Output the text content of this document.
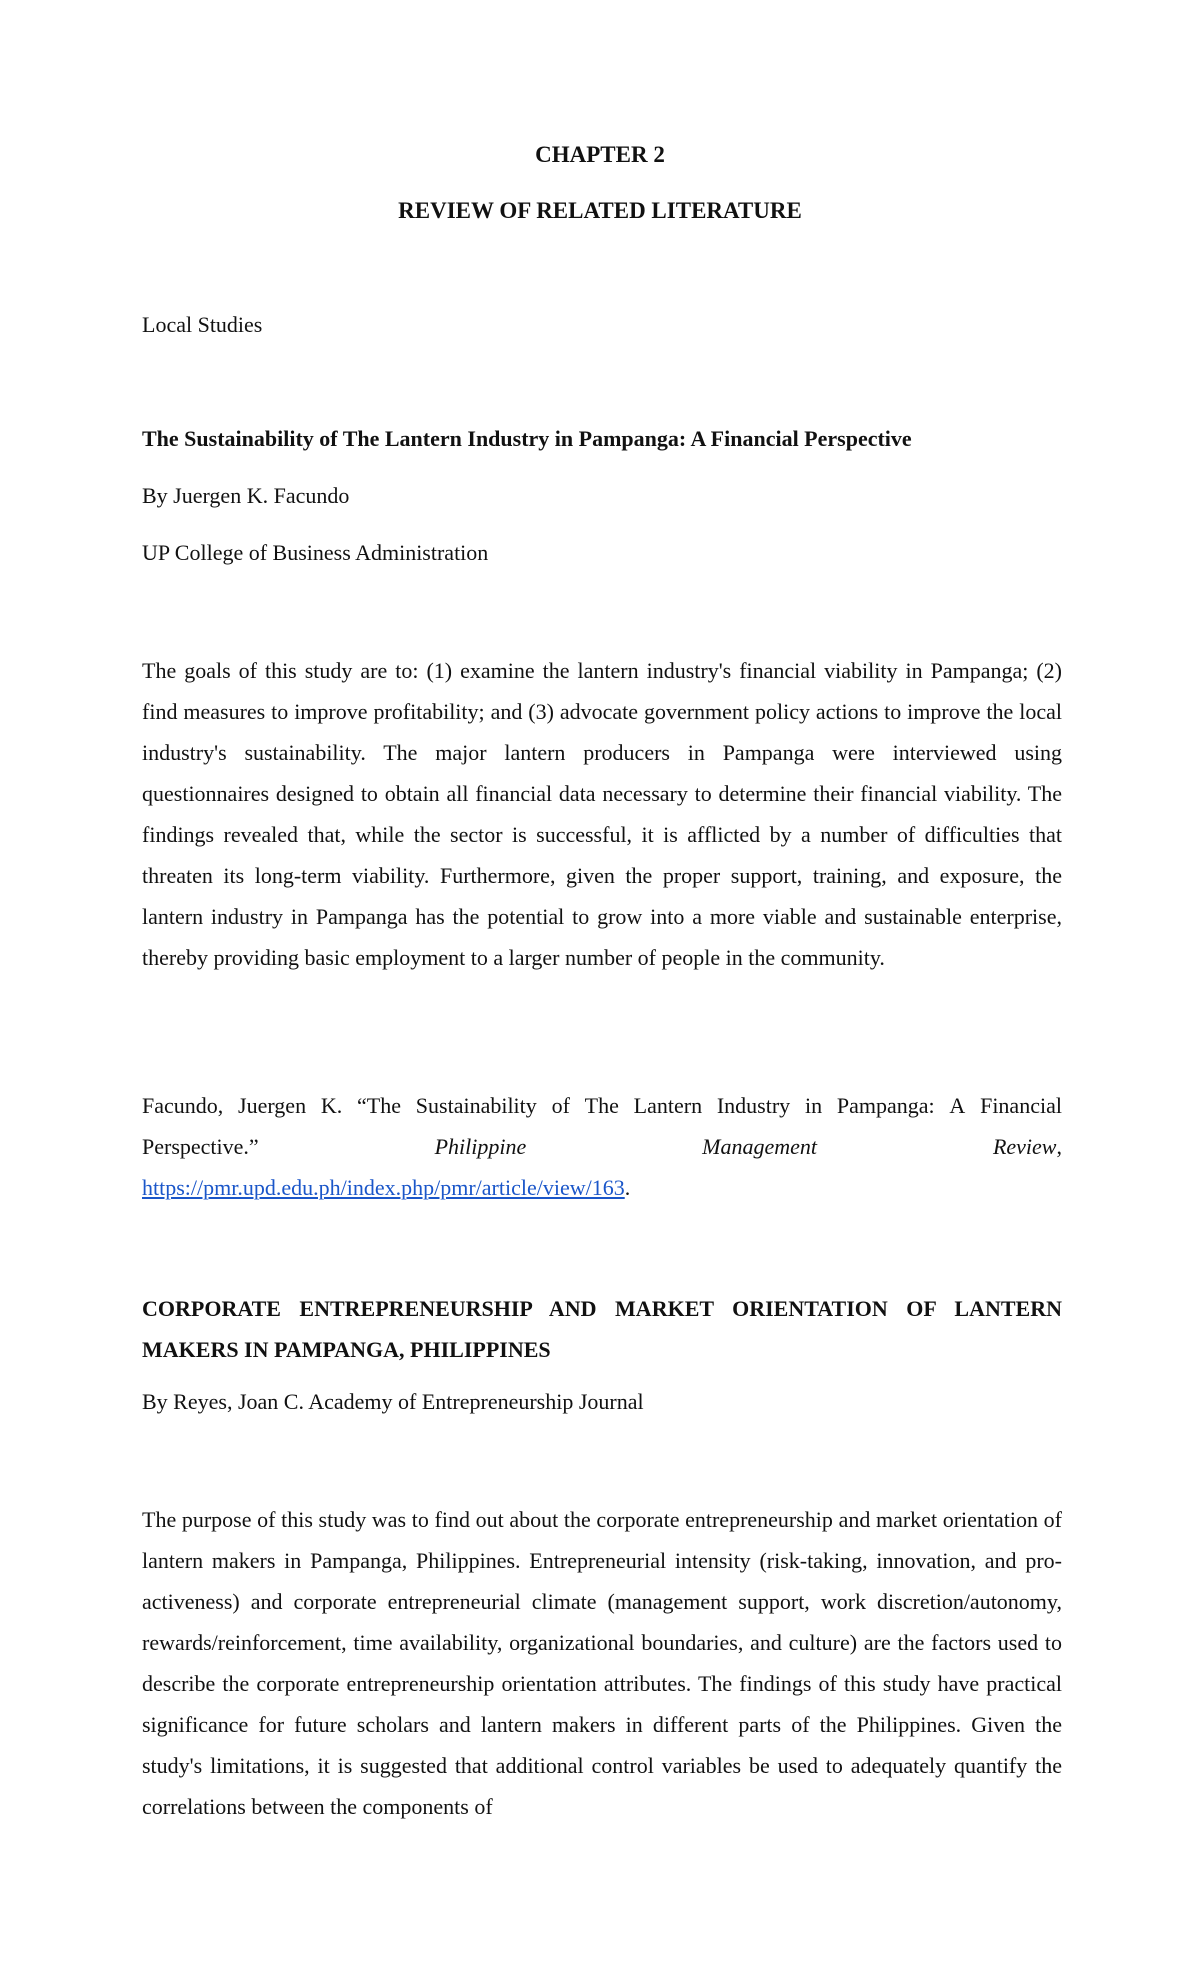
CHAPTER 2
REVIEW OF RELATED LITERATURE
Local Studies
The Sustainability of The Lantern Industry in Pampanga: A Financial Perspective
By Juergen K. Facundo
UP College of Business Administration

The goals of this study are to: (1) examine the lantern industry's financial viability in Pampanga; (2) find measures to improve profitability; and (3) advocate government policy actions to improve the local industry's sustainability. The major lantern producers in Pampanga were interviewed using questionnaires designed to obtain all financial data necessary to determine their financial viability. The findings revealed that, while the sector is successful, it is afflicted by a number of difficulties that threaten its long-term viability. Furthermore, given the proper support, training, and exposure, the lantern industry in Pampanga has the potential to grow into a more viable and sustainable enterprise, thereby providing basic employment to a larger number of people in the community.

Facundo, Juergen K. “The Sustainability of The Lantern Industry in Pampanga: A Financial
Perspective.”	Philippine	Management	Review,
https://pmr.upd.edu.ph/index.php/pmr/article/view/163.

CORPORATE ENTREPRENEURSHIP AND MARKET ORIENTATION OF LANTERN MAKERS IN PAMPANGA, PHILIPPINES

By Reyes, Joan C. Academy of Entrepreneurship Journal

The purpose of this study was to find out about the corporate entrepreneurship and market orientation of lantern makers in Pampanga, Philippines. Entrepreneurial intensity (risk-taking, innovation, and pro-activeness) and corporate entrepreneurial climate (management support, work discretion/autonomy, rewards/reinforcement, time availability, organizational boundaries, and culture) are the factors used to describe the corporate entrepreneurship orientation attributes. The findings of this study have practical significance for future scholars and lantern makers in different parts of the Philippines. Given the study's limitations, it is suggested that additional control variables be used to adequately quantify the correlations between the components of
